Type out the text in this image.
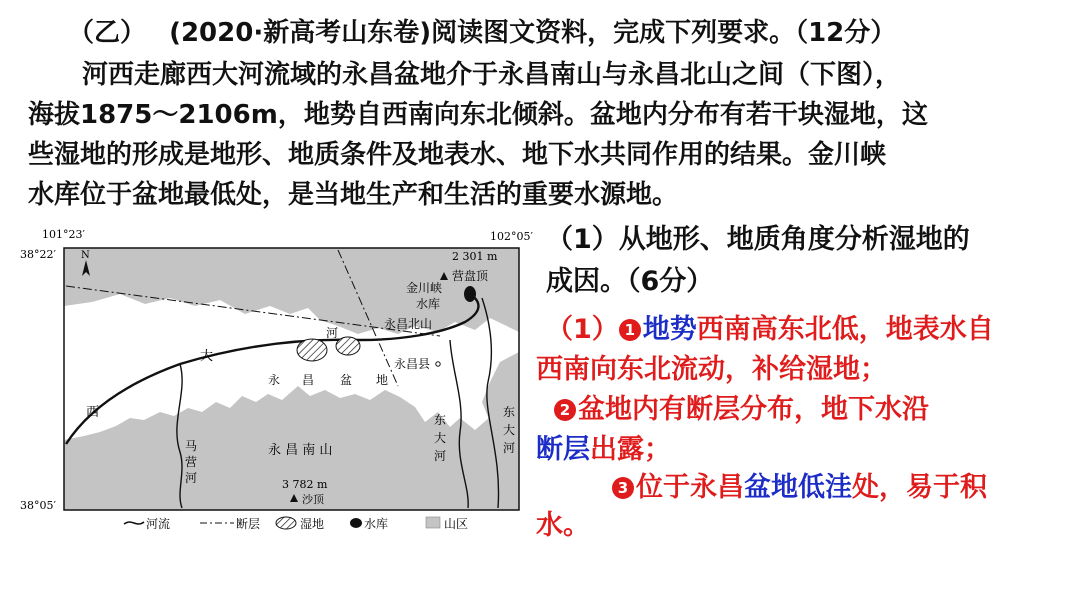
（乙） (2020·新高考山东卷)阅读图文资料，完成下列要求。（12分）
河西走廊西大河流域的永昌盆地介于永昌南山与永昌北山之间（下图），
海拔1875～2106m，地势自西南向东北倾斜。盆地内分布有若干块湿地，这
些湿地的形成是地形、地质条件及地表水、地下水共同作用的结果。金川峡
水库位于盆地最低处，是当地生产和生活的重要水源地。
101°23′	102°05′
38°22′
38°05′
N	2 301 m
营盘顶
金川峡
水库
永昌北山
河
大
西
永昌县
永 昌 盆 地
永 昌 南 山
马
营
河
东
大
河
东
大
河
3 782 m
沙顶
河流	断层	湿地	水库	山区
（1）从地形、地质角度分析湿地的
成因。（6分）
（1） 1 地势西南高东北低，地表水自
西南向东北流动，补给湿地；
2 盆地内有断层分布，地下水沿
断层出露；
3 位于永昌盆地低洼处，易于积
水。
